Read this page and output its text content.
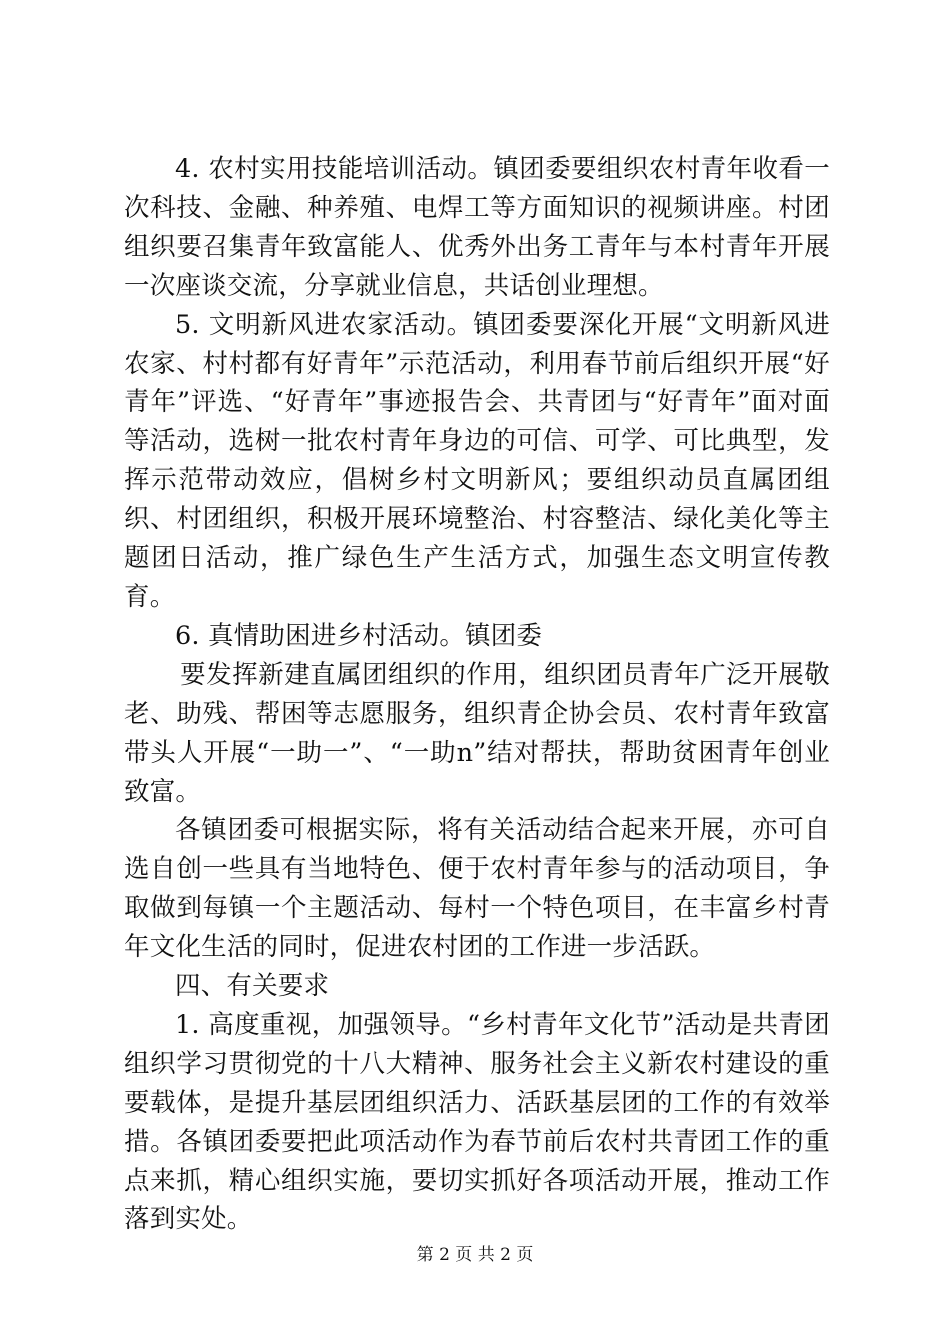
4. 农村实用技能培训活动。镇团委要组织农村青年收看一次科技、金融、种养殖、电焊工等方面知识的视频讲座。村团组织要召集青年致富能人、优秀外出务工青年与本村青年开展一次座谈交流，分享就业信息，共话创业理想。

5. 文明新风进农家活动。镇团委要深化开展“文明新风进农家、村村都有好青年”示范活动，利用春节前后组织开展“好青年”评选、“好青年”事迹报告会、共青团与“好青年”面对面等活动，选树一批农村青年身边的可信、可学、可比典型，发挥示范带动效应，倡树乡村文明新风；要组织动员直属团组织、村团组织，积极开展环境整治、村容整洁、绿化美化等主题团日活动，推广绿色生产生活方式，加强生态文明宣传教育。

6. 真情助困进乡村活动。镇团委

要发挥新建直属团组织的作用，组织团员青年广泛开展敬老、助残、帮困等志愿服务，组织青企协会员、农村青年致富带头人开展“一助一”、“一助n”结对帮扶，帮助贫困青年创业致富。

各镇团委可根据实际，将有关活动结合起来开展，亦可自选自创一些具有当地特色、便于农村青年参与的活动项目，争取做到每镇一个主题活动、每村一个特色项目，在丰富乡村青年文化生活的同时，促进农村团的工作进一步活跃。

四、有关要求

1. 高度重视，加强领导。“乡村青年文化节”活动是共青团组织学习贯彻党的十八大精神、服务社会主义新农村建设的重要载体，是提升基层团组织活力、活跃基层团的工作的有效举措。各镇团委要把此项活动作为春节前后农村共青团工作的重点来抓，精心组织实施，要切实抓好各项活动开展，推动工作落到实处。

第 2 页 共 2 页
